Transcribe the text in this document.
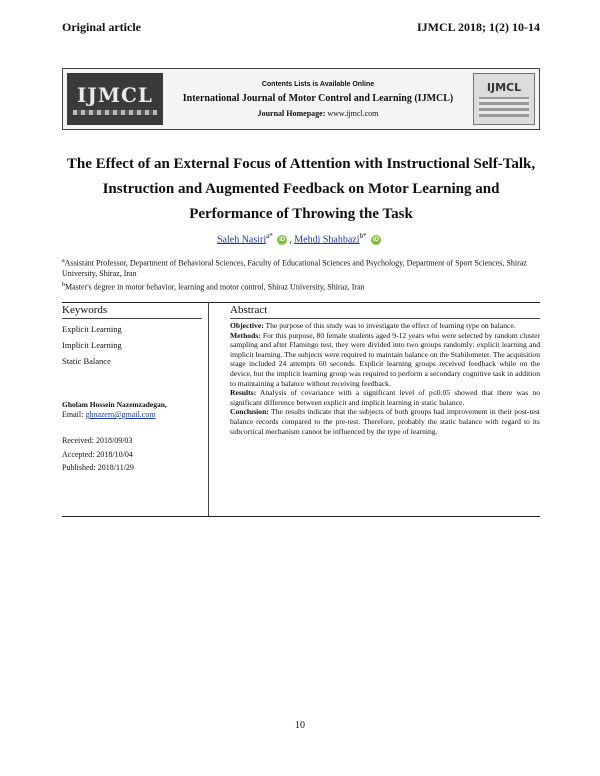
Original article	IJMCL 2018; 1(2) 10-14
IJMCL	Contents Lists is Available Online
International Journal of Motor Control and Learning (IJMCL)
Journal Homepage: www.ijmcl.com
IJMCL
The Effect of an External Focus of Attention with Instructional Self-Talk, Instruction and Augmented Feedback on Motor Learning and Performance of Throwing the Task
Saleh Nasiri$^{a*}$ iD , Mehdi Shahbazi$^{b*}$ iD
$^a$Assistant Professor, Department of Behavioral Sciences, Faculty of Educational Sciences and Psychology, Department of Sport Sciences, Shiraz University, Shiraz, Iran
$^b$Master's degree in motor behavior, learning and motor control, Shiraz University, Shiraz, Iran
Keywords	Abstract
Explicit Learning
Implicit Learning
Static Balance
Gholam Hossein Nazemzadegan,
Email: ghnazem@gmail.com
Received: 2018/09/03
Accepted: 2018/10/04
Published: 2018/11/29
Objective: The purpose of this study was to investigate the effect of learning type on balance.
Methods: For this purpose, 80 female students aged 9-12 years who were selected by random cluster sampling and after Flamingo test, they were divided into two groups randomly: explicit learning and implicit learning. The subjects were required to maintain balance on the Stabilometer. The acquisition stage included 24 attempts 60 seconds. Explicit learning groups received feedback while on the device, but the implicit learning group was required to perform a secondary cognitive task in addition to maintaining a balance without receiving feedback.
Results: Analysis of covariance with a significant level of p≤0.05 showed that there was no significant difference between explicit and implicit learning in static balance.
Conclusion: The results indicate that the subjects of both groups had improvement in their post-test balance records compared to the pre-test. Therefore, probably the static balance with regard to its subcortical mechanism cannot be influenced by the type of learning.
10
